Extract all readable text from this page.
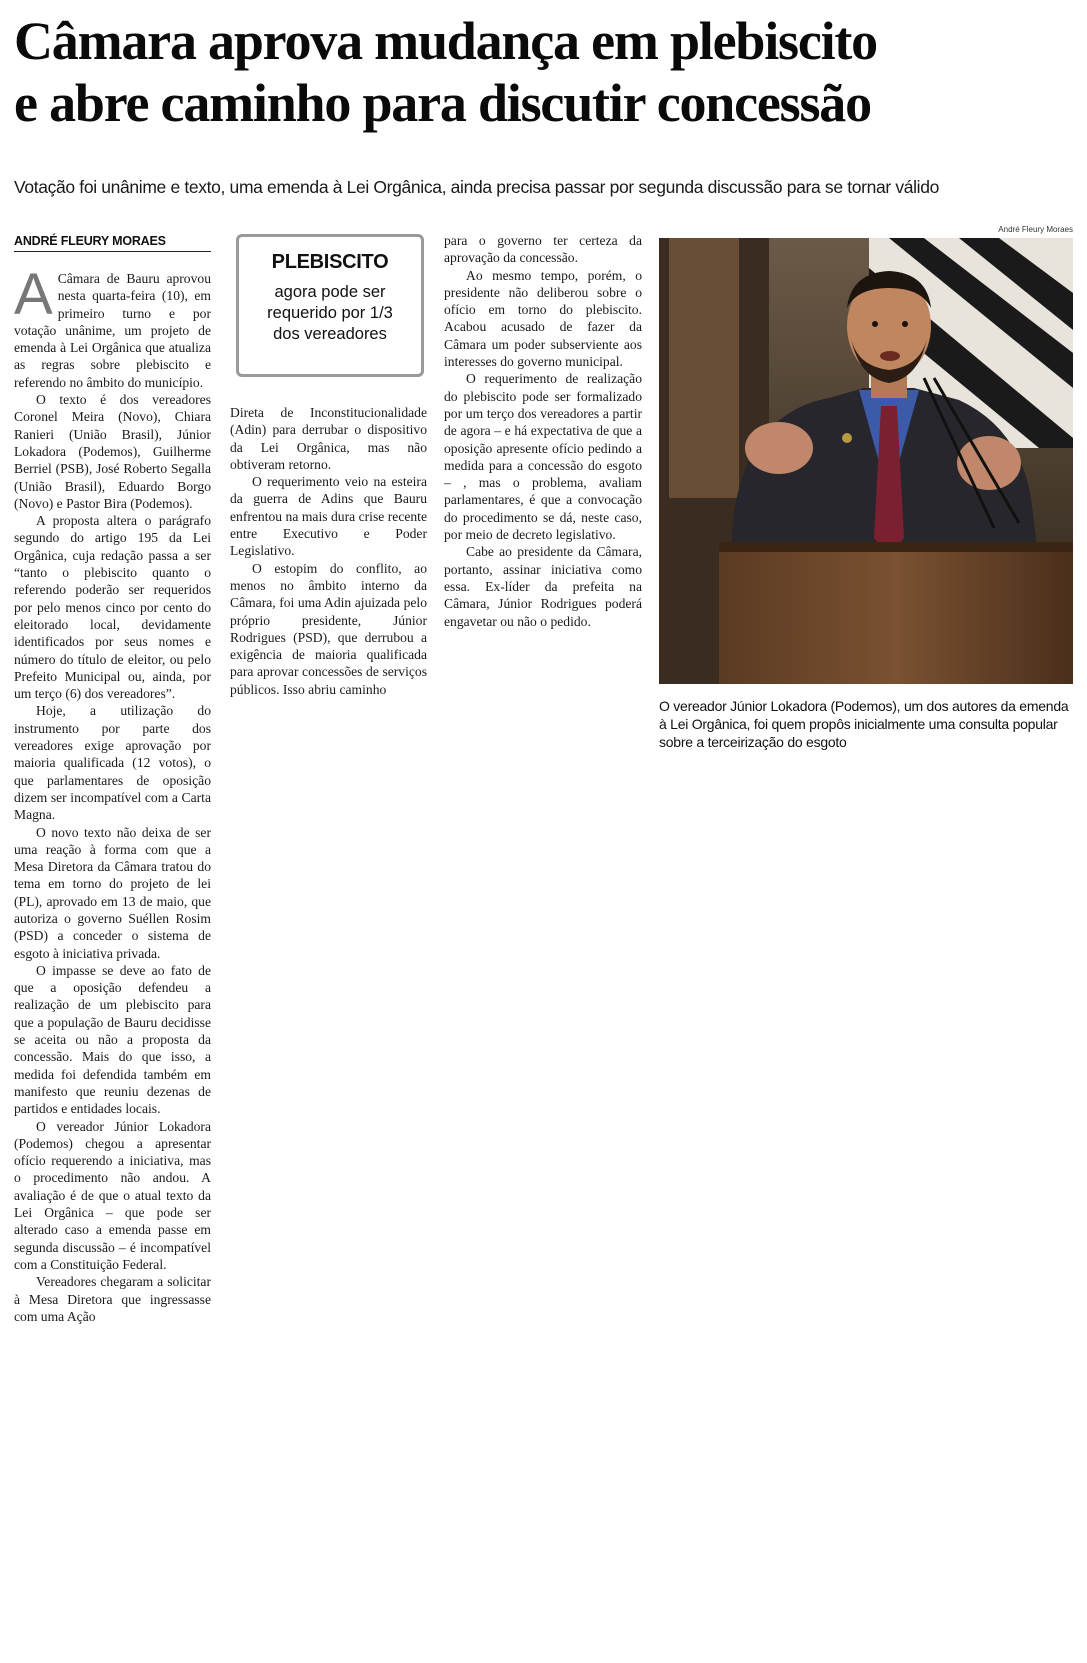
Câmara aprova mudança em plebiscito
e abre caminho para discutir concessão

Votação foi unânime e texto, uma emenda à Lei Orgânica, ainda precisa passar por segunda discussão para se tornar válido

André Fleury Moraes
ANDRÉ FLEURY MORAES

A Câmara de Bauru aprovou nesta quarta-feira (10), em primeiro turno e por votação unânime, um projeto de emenda à Lei Orgânica que atualiza as regras sobre plebiscito e referendo no âmbito do município.

O texto é dos vereadores Coronel Meira (Novo), Chiara Ranieri (União Brasil), Júnior Lokadora (Podemos), Guilherme Berriel (PSB), José Roberto Segalla (União Brasil), Eduardo Borgo (Novo) e Pastor Bira (Podemos).

A proposta altera o parágrafo segundo do artigo 195 da Lei Orgânica, cuja redação passa a ser “tanto o plebiscito quanto o referendo poderão ser requeridos por pelo menos cinco por cento do eleitorado local, devidamente identificados por seus nomes e número do título de eleitor, ou pelo Prefeito Municipal ou, ainda, por um terço (6) dos vereadores”.

Hoje, a utilização do instrumento por parte dos vereadores exige aprovação por maioria qualificada (12 votos), o que parlamentares de oposição dizem ser incompatível com a Carta Magna.

O novo texto não deixa de ser uma reação à forma com que a Mesa Diretora da Câmara tratou do tema em torno do projeto de lei (PL), aprovado em 13 de maio, que autoriza o governo Suéllen Rosim (PSD) a conceder o sistema de esgoto à iniciativa privada.

O impasse se deve ao fato de que a oposição defendeu a realização de um plebiscito para que a população de Bauru decidisse se aceita ou não a proposta da concessão. Mais do que isso, a medida foi defendida também em manifesto que reuniu dezenas de partidos e entidades locais.

O vereador Júnior Lokadora (Podemos) chegou a apresentar ofício requerendo a iniciativa, mas o procedimento não andou. A avaliação é de que o atual texto da Lei Orgânica – que pode ser alterado caso a emenda passe em segunda discussão – é incompatível com a Constituição Federal.

Vereadores chegaram a solicitar à Mesa Diretora que ingressasse com uma Ação

PLEBISCITO
agora pode ser requerido por 1/3 dos vereadores

Direta de Inconstitucionalidade (Adin) para derrubar o dispositivo da Lei Orgânica, mas não obtiveram retorno.

O requerimento veio na esteira da guerra de Adins que Bauru enfrentou na mais dura crise recente entre Executivo e Poder Legislativo.

O estopim do conflito, ao menos no âmbito interno da Câmara, foi uma Adin ajuizada pelo próprio presidente, Júnior Rodrigues (PSD), que derrubou a exigência de maioria qualificada para aprovar concessões de serviços públicos. Isso abriu caminho

para o governo ter certeza da aprovação da concessão.

Ao mesmo tempo, porém, o presidente não deliberou sobre o ofício em torno do plebiscito. Acabou acusado de fazer da Câmara um poder subserviente aos interesses do governo municipal.

O requerimento de realização do plebiscito pode ser formalizado por um terço dos vereadores a partir de agora – e há expectativa de que a oposição apresente ofício pedindo a medida para a concessão do esgoto – , mas o problema, avaliam parlamentares, é que a convocação do procedimento se dá, neste caso, por meio de decreto legislativo.

Cabe ao presidente da Câmara, portanto, assinar iniciativa como essa. Ex-líder da prefeita na Câmara, Júnior Rodrigues poderá engavetar ou não o pedido.

O vereador Júnior Lokadora (Podemos), um dos autores da emenda à Lei Orgânica, foi quem propôs inicialmente uma consulta popular sobre a terceirização do esgoto
